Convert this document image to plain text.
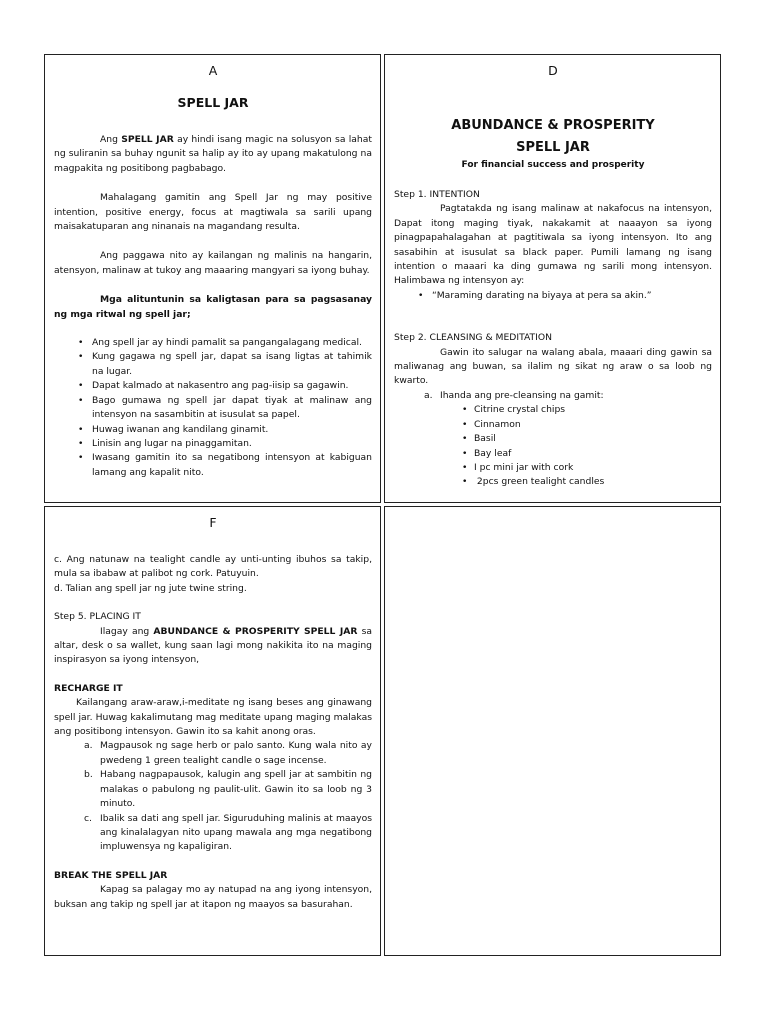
A
SPELL JAR

Ang SPELL JAR ay hindi isang magic na solusyon sa lahat ng suliranin sa buhay ngunit sa halip ay ito ay upang makatulong na magpakita ng positibong pagbabago.

Mahalagang gamitin ang Spell Jar ng may positive intention, positive energy, focus at magtiwala sa sarili upang maisakatuparan ang ninanais na magandang resulta.

Ang paggawa nito ay kailangan ng malinis na hangarin, atensyon, malinaw at tukoy ang maaaring mangyari sa iyong buhay.

Mga alituntunin sa kaligtasan para sa pagsasanay ng mga ritwal ng spell jar;

• Ang spell jar ay hindi pamalit sa pangangalagang medical.
• Kung gagawa ng spell jar, dapat sa isang ligtas at tahimik na lugar.
• Dapat kalmado at nakasentro ang pag-iisip sa gagawin.
• Bago gumawa ng spell jar dapat tiyak at malinaw ang intensyon na sasambitin at isusulat sa papel.
• Huwag iwanan ang kandilang ginamit.
• Linisin ang lugar na pinaggamitan.
• Iwasang gamitin ito sa negatibong intensyon at kabiguan lamang ang kapalit nito.
D
ABUNDANCE & PROSPERITY
SPELL JAR
For financial success and prosperity

Step 1. INTENTION

Pagtatakda ng isang malinaw at nakafocus na intensyon, Dapat itong maging tiyak, nakakamit at naaayon sa iyong pinagpapahalagahan at pagtitiwala sa iyong intensyon. Ito ang sasabihin at isusulat sa black paper. Pumili lamang ng isang intention o maaari ka ding gumawa ng sarili mong intensyon. Halimbawa ng intensyon ay:

• “Maraming darating na biyaya at pera sa akin.”

Step 2. CLEANSING & MEDITATION

Gawin ito salugar na walang abala, maaari ding gawin sa maliwanag ang buwan, sa ilalim ng sikat ng araw o sa loob ng kwarto.

a. Ihanda ang pre-cleansing na gamit:
• Citrine crystal chips
• Cinnamon
• Basil
• Bay leaf
• I pc mini jar with cork
•  2pcs green tealight candles
F

c. Ang natunaw na tealight candle ay unti-unting ibuhos sa takip, mula sa ibabaw at palibot ng cork. Patuyuin.

d. Talian ang spell jar ng jute twine string.

Step 5. PLACING IT

Ilagay ang ABUNDANCE & PROSPERITY SPELL JAR sa altar, desk o sa wallet, kung saan lagi mong nakikita ito na maging inspirasyon sa iyong intensyon,

RECHARGE IT

Kailangang araw-araw,i-meditate ng isang beses ang ginawang spell jar. Huwag kakalimutang mag meditate upang maging malakas ang positibong intensyon. Gawin ito sa kahit anong oras.

a. Magpausok ng sage herb or palo santo. Kung wala nito ay pwedeng 1 green tealight candle o sage incense.
b. Habang nagpapausok, kalugin ang spell jar at sambitin ng malakas o pabulong ng paulit-ulit. Gawin ito sa loob ng 3 minuto.
c. Ibalik sa dati ang spell jar. Siguruduhing malinis at maayos ang kinalalagyan nito upang mawala ang mga negatibong impluwensya ng kapaligiran.

BREAK THE SPELL JAR

Kapag sa palagay mo ay natupad na ang iyong intensyon, buksan ang takip ng spell jar at itapon ng maayos sa basurahan.
